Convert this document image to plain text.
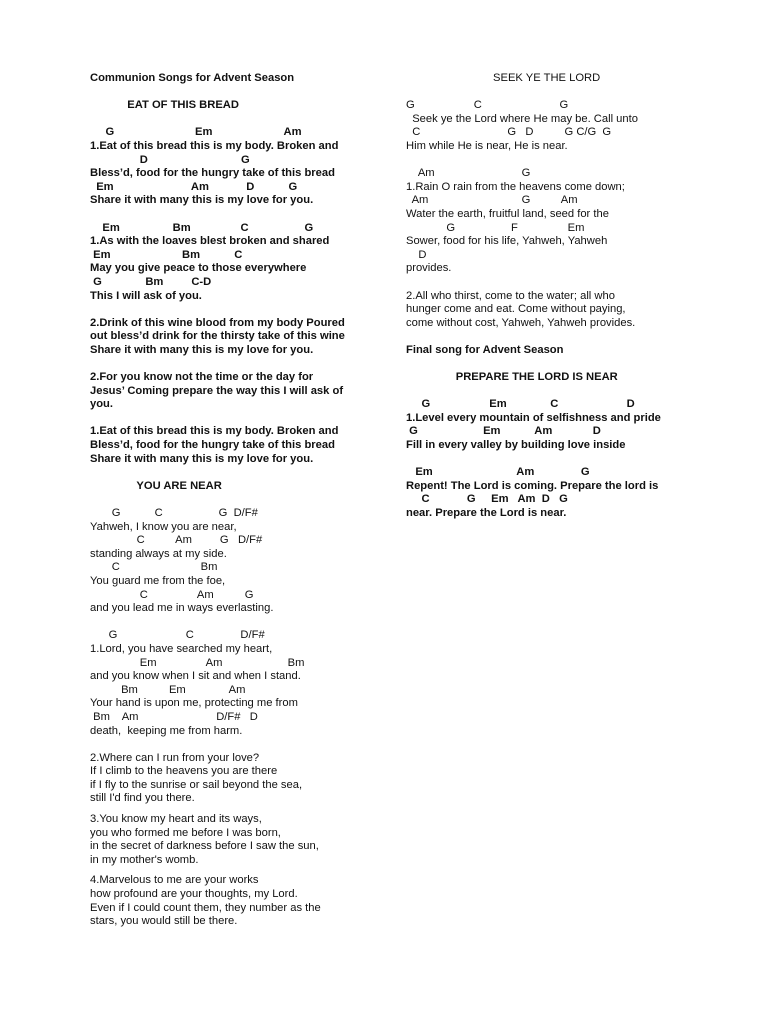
Communion Songs for Advent Season
EAT OF THIS BREAD
G                          Em                       Am
1.Eat of this bread this is my body. Broken and
D                              G
Bless’d, food for the hungry take of this bread
Em                         Am            D           G
Share it with many this is my love for you.
Em                 Bm                C                  G
1.As with the loaves blest broken and shared
Em                       Bm           C
May you give peace to those everywhere
G              Bm         C-D
This I will ask of you.
2.Drink of this wine blood from my body Poured
out bless’d drink for the thirsty take of this wine
Share it with many this is my love for you.
2.For you know not the time or the day for
Jesus’ Coming prepare the way this I will ask of
you.
1.Eat of this bread this is my body. Broken and
Bless’d, food for the hungry take of this bread
Share it with many this is my love for you.
YOU ARE NEAR
G           C                  G  D/F#
Yahweh, I know you are near,
C          Am         G   D/F#
standing always at my side.
C                          Bm
You guard me from the foe,
C                Am          G
and you lead me in ways everlasting.
G                      C               D/F#
1.Lord, you have searched my heart,
Em                Am                     Bm
and you know when I sit and when I stand.
Bm          Em              Am
Your hand is upon me, protecting me from
Bm    Am                         D/F#   D
death,  keeping me from harm.
2.Where can I run from your love?
If I climb to the heavens you are there
if I fly to the sunrise or sail beyond the sea,
still I'd find you there.
3.You know my heart and its ways,
you who formed me before I was born,
in the secret of darkness before I saw the sun,
in my mother's womb.
4.Marvelous to me are your works
how profound are your thoughts, my Lord.
Even if I could count them, they number as the
stars, you would still be there.
SEEK YE THE LORD
G                   C                         G
Seek ye the Lord where He may be. Call unto
C                            G   D          G C/G  G
Him while He is near, He is near.
Am                            G
1.Rain O rain from the heavens come down;
Am                              G          Am
Water the earth, fruitful land, seed for the
G                  F                Em
Sower, food for his life, Yahweh, Yahweh
D
provides.
2.All who thirst, come to the water; all who
hunger come and eat. Come without paying,
come without cost, Yahweh, Yahweh provides.
Final song for Advent Season
PREPARE THE LORD IS NEAR
G                   Em              C                      D
1.Level every mountain of selfishness and pride
G                     Em           Am             D
Fill in every valley by building love inside
Em                           Am               G
Repent! The Lord is coming. Prepare the lord is
C            G     Em   Am  D   G
near. Prepare the Lord is near.
